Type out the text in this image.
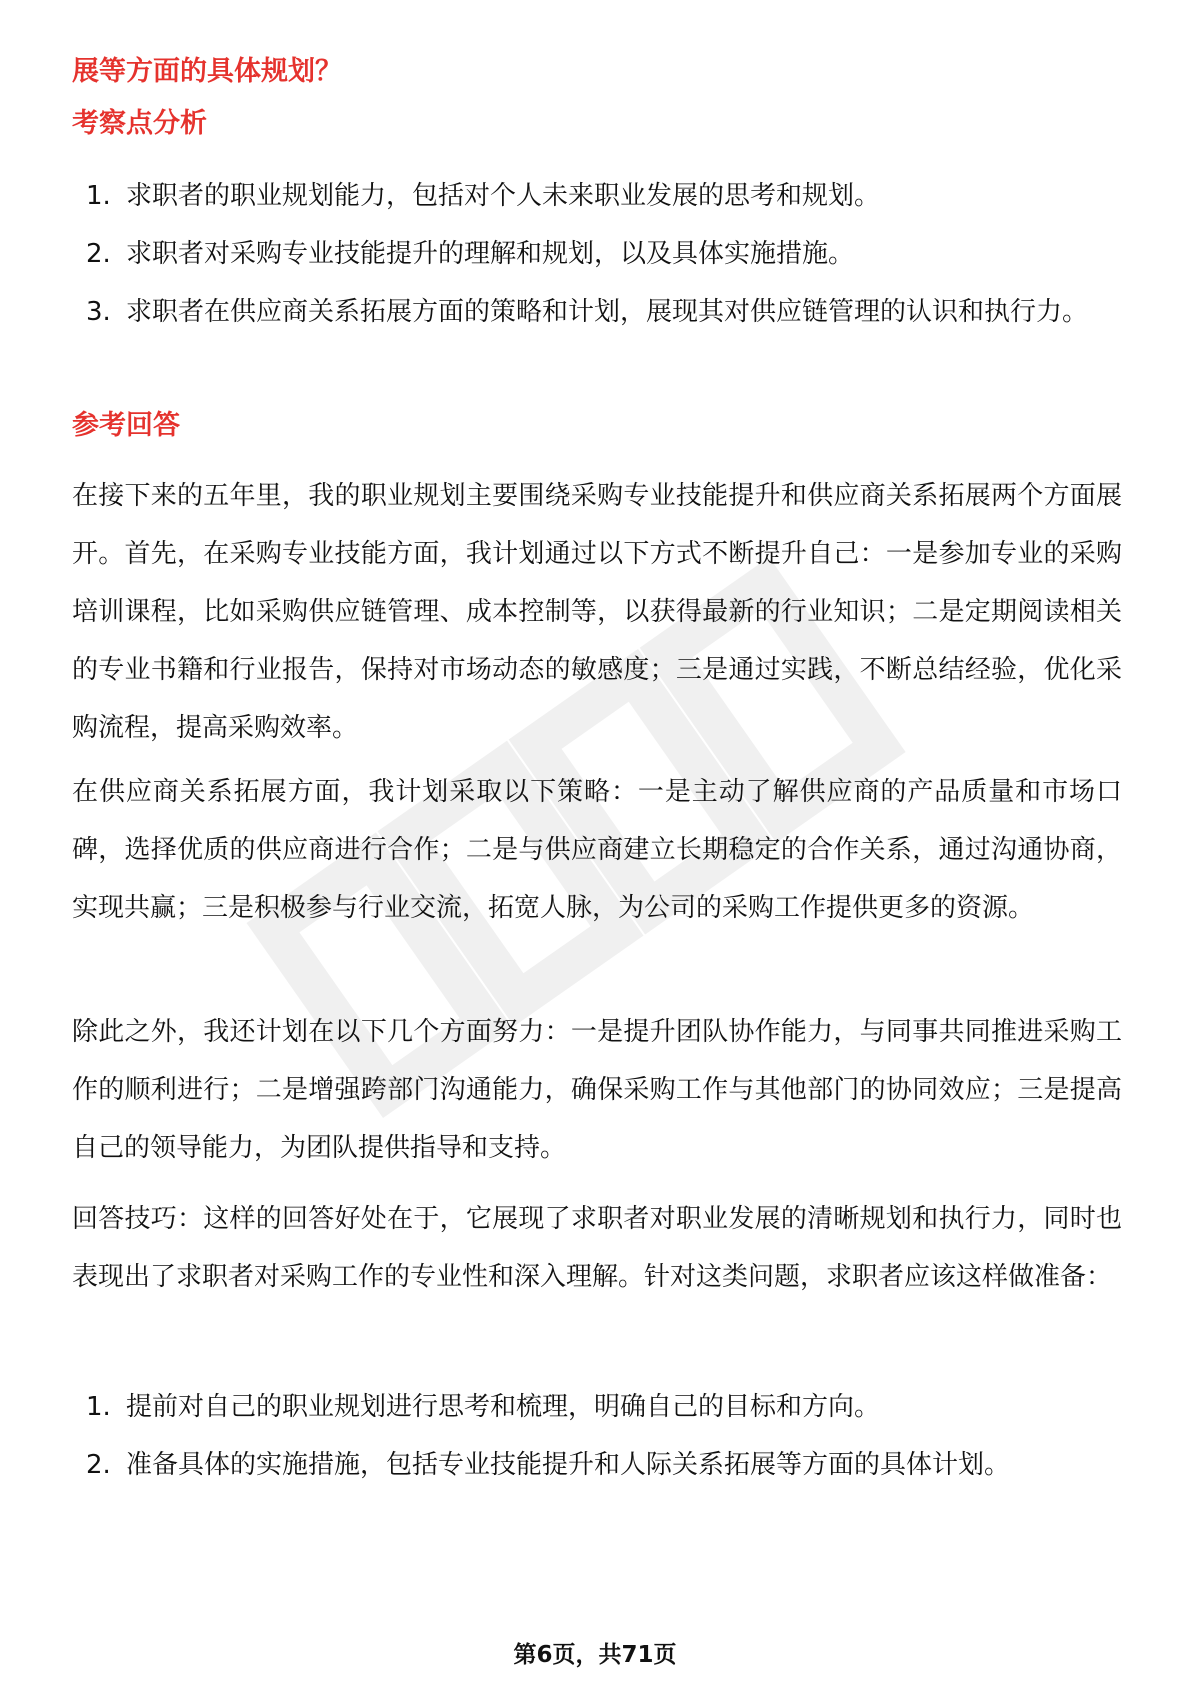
展等方面的具体规划？
考察点分析
1. 求职者的职业规划能力，包括对个人未来职业发展的思考和规划。
2. 求职者对采购专业技能提升的理解和规划，以及具体实施措施。
3. 求职者在供应商关系拓展方面的策略和计划，展现其对供应链管理的认识和执行力。
参考回答

在接下来的五年里，我的职业规划主要围绕采购专业技能提升和供应商关系拓展两个方面展开。首先，在采购专业技能方面，我计划通过以下方式不断提升自己：一是参加专业的采购培训课程，比如采购供应链管理、成本控制等，以获得最新的行业知识；二是定期阅读相关的专业书籍和行业报告，保持对市场动态的敏感度；三是通过实践，不断总结经验，优化采购流程，提高采购效率。

在供应商关系拓展方面，我计划采取以下策略：一是主动了解供应商的产品质量和市场口碑，选择优质的供应商进行合作；二是与供应商建立长期稳定的合作关系，通过沟通协商，实现共赢；三是积极参与行业交流，拓宽人脉，为公司的采购工作提供更多的资源。

除此之外，我还计划在以下几个方面努力：一是提升团队协作能力，与同事共同推进采购工作的顺利进行；二是增强跨部门沟通能力，确保采购工作与其他部门的协同效应；三是提高自己的领导能力，为团队提供指导和支持。

回答技巧：这样的回答好处在于，它展现了求职者对职业发展的清晰规划和执行力，同时也表现出了求职者对采购工作的专业性和深入理解。针对这类问题，求职者应该这样做准备：

1. 提前对自己的职业规划进行思考和梳理，明确自己的目标和方向。
2. 准备具体的实施措施，包括专业技能提升和人际关系拓展等方面的具体计划。
第6页，共71页
